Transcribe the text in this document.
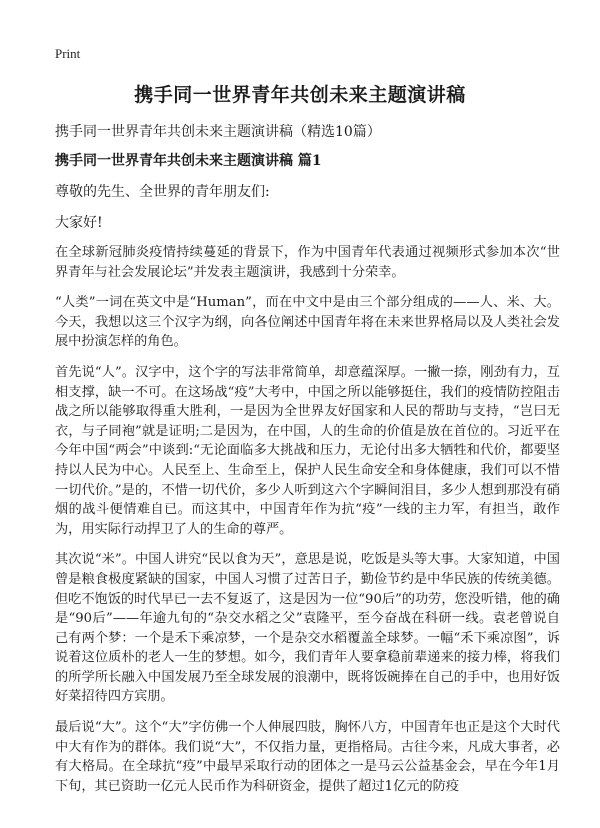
Print
携手同一世界青年共创未来主题演讲稿
携手同一世界青年共创未来主题演讲稿（精选10篇）
携手同一世界青年共创未来主题演讲稿 篇1
尊敬的先生、全世界的青年朋友们:
大家好!

在全球新冠肺炎疫情持续蔓延的背景下，作为中国青年代表通过视频形式参加本次“世界青年与社会发展论坛”并发表主题演讲，我感到十分荣幸。

“人类”一词在英文中是“Human”，而在中文中是由三个部分组成的——人、米、大。今天，我想以这三个汉字为纲，向各位阐述中国青年将在未来世界格局以及人类社会发展中扮演怎样的角色。

首先说“人”。汉字中，这个字的写法非常简单，却意蕴深厚。一撇一捺，刚劲有力，互相支撑，缺一不可。在这场战“疫”大考中，中国之所以能够挺住，我们的疫情防控阻击战之所以能够取得重大胜利，一是因为全世界友好国家和人民的帮助与支持，“岂曰无衣，与子同袍”就是证明;二是因为，在中国，人的生命的价值是放在首位的。习近平在今年中国“两会”中谈到:“无论面临多大挑战和压力，无论付出多大牺牲和代价，都要坚持以人民为中心。人民至上、生命至上，保护人民生命安全和身体健康，我们可以不惜一切代价。”是的，不惜一切代价，多少人听到这六个字瞬间泪目，多少人想到那没有硝烟的战斗便情难自已。而这其中，中国青年作为抗“疫”一线的主力军，有担当，敢作为，用实际行动捍卫了人的生命的尊严。

其次说“米”。中国人讲究“民以食为天”，意思是说，吃饭是头等大事。大家知道，中国曾是粮食极度紧缺的国家，中国人习惯了过苦日子，勤俭节约是中华民族的传统美德。但吃不饱饭的时代早已一去不复返了，这是因为一位“90后”的功劳，您没听错，他的确是“90后”——年逾九旬的“杂交水稻之父”袁隆平，至今奋战在科研一线。袁老曾说自己有两个梦：一个是禾下乘凉梦，一个是杂交水稻覆盖全球梦。一幅“禾下乘凉图”，诉说着这位质朴的老人一生的梦想。如今，我们青年人要拿稳前辈递来的接力棒，将我们的所学所长融入中国发展乃至全球发展的浪潮中，既将饭碗捧在自己的手中，也用好饭好菜招待四方宾朋。

最后说“大”。这个“大”字仿佛一个人伸展四肢，胸怀八方，中国青年也正是这个大时代中大有作为的群体。我们说“大”，不仅指力量，更指格局。古往今来，凡成大事者，必有大格局。在全球抗“疫”中最早采取行动的团体之一是马云公益基金会，早在今年1月下旬，其已资助一亿元人民币作为科研资金，提供了超过1亿元的防疫
